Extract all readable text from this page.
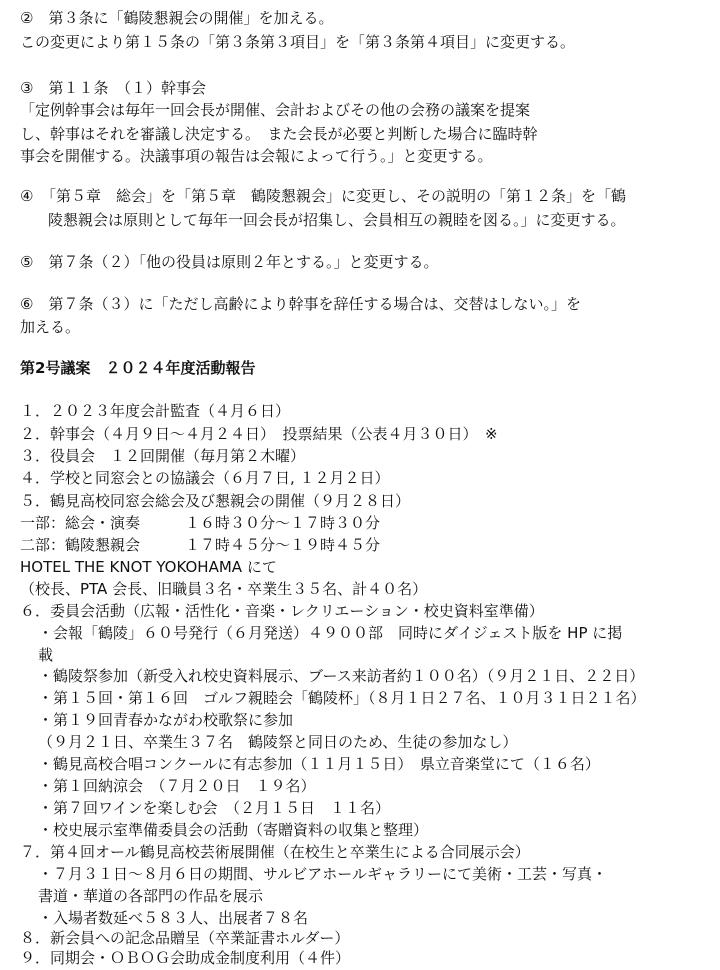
②　第３条に「鶴陵懇親会の開催」を加える。
この変更により第１５条の「第３条第３項目」を「第３条第４項目」に変更する。
③　第１１条　（１）幹事会
「定例幹事会は毎年一回会長が開催、会計およびその他の会務の議案を提案
し、幹事はそれを審議し決定する。　また会長が必要と判断した場合に臨時幹
事会を開催する。決議事項の報告は会報によって行う。」と変更する。
④　「第５章　総会」を「第５章　鶴陵懇親会」に変更し、その説明の「第１２条」を「鶴
陵懇親会は原則として毎年一回会長が招集し、会員相互の親睦を図る。」に変更する。
⑤　第７条（２）「他の役員は原則２年とする。」と変更する。
⑥　第７条（３）に「ただし高齢により幹事を辞任する場合は、交替はしない。」を
加える。
第2号議案　２０２４年度活動報告
１．２０２３年度会計監査（４月６日）
２．幹事会（４月９日～４月２４日）　投票結果（公表４月３０日）　※
３．役員会　１２回開催（毎月第２木曜）
４．学校と同窓会との協議会（６月７日, １２月２日）
５．鶴見高校同窓会総会及び懇親会の開催（９月２８日）
一部：総会・演奏　　　１６時３０分～１７時３０分
二部：鶴陵懇親会　　　１７時４５分～１９時４５分
HOTEL THE KNOT YOKOHAMA にて
（校長、PTA 会長、旧職員３名・卒業生３５名、計４０名）
６．委員会活動（広報・活性化・音楽・レクリエーション・校史資料室準備）
・会報「鶴陵」６０号発行（６月発送）４９００部　同時にダイジェスト版を HP に掲
載
・鶴陵祭参加（新受入れ校史資料展示、ブース来訪者約１００名）（９月２１日、２２日）
・第１５回・第１６回　ゴルフ親睦会「鶴陵杯」（８月１日２７名、１０月３１日２１名）
・第１９回青春かながわ校歌祭に参加
（９月２１日、卒業生３７名　鶴陵祭と同日のため、生徒の参加なし）
・鶴見高校合唱コンクールに有志参加（１１月１５日）　県立音楽堂にて（１６名）
・第１回納涼会　（７月２０日　１９名）
・第７回ワインを楽しむ会　（２月１５日　１１名）
・校史展示室準備委員会の活動（寄贈資料の収集と整理）
７．第４回オール鶴見高校芸術展開催（在校生と卒業生による合同展示会）
・７月３１日～８月６日の期間、サルビアホールギャラリーにて美術・工芸・写真・
書道・華道の各部門の作品を展示
・入場者数延べ５８３人、出展者７８名
８．新会員への記念品贈呈（卒業証書ホルダー）
９．同期会・ＯＢＯＧ会助成金制度利用（４件）
